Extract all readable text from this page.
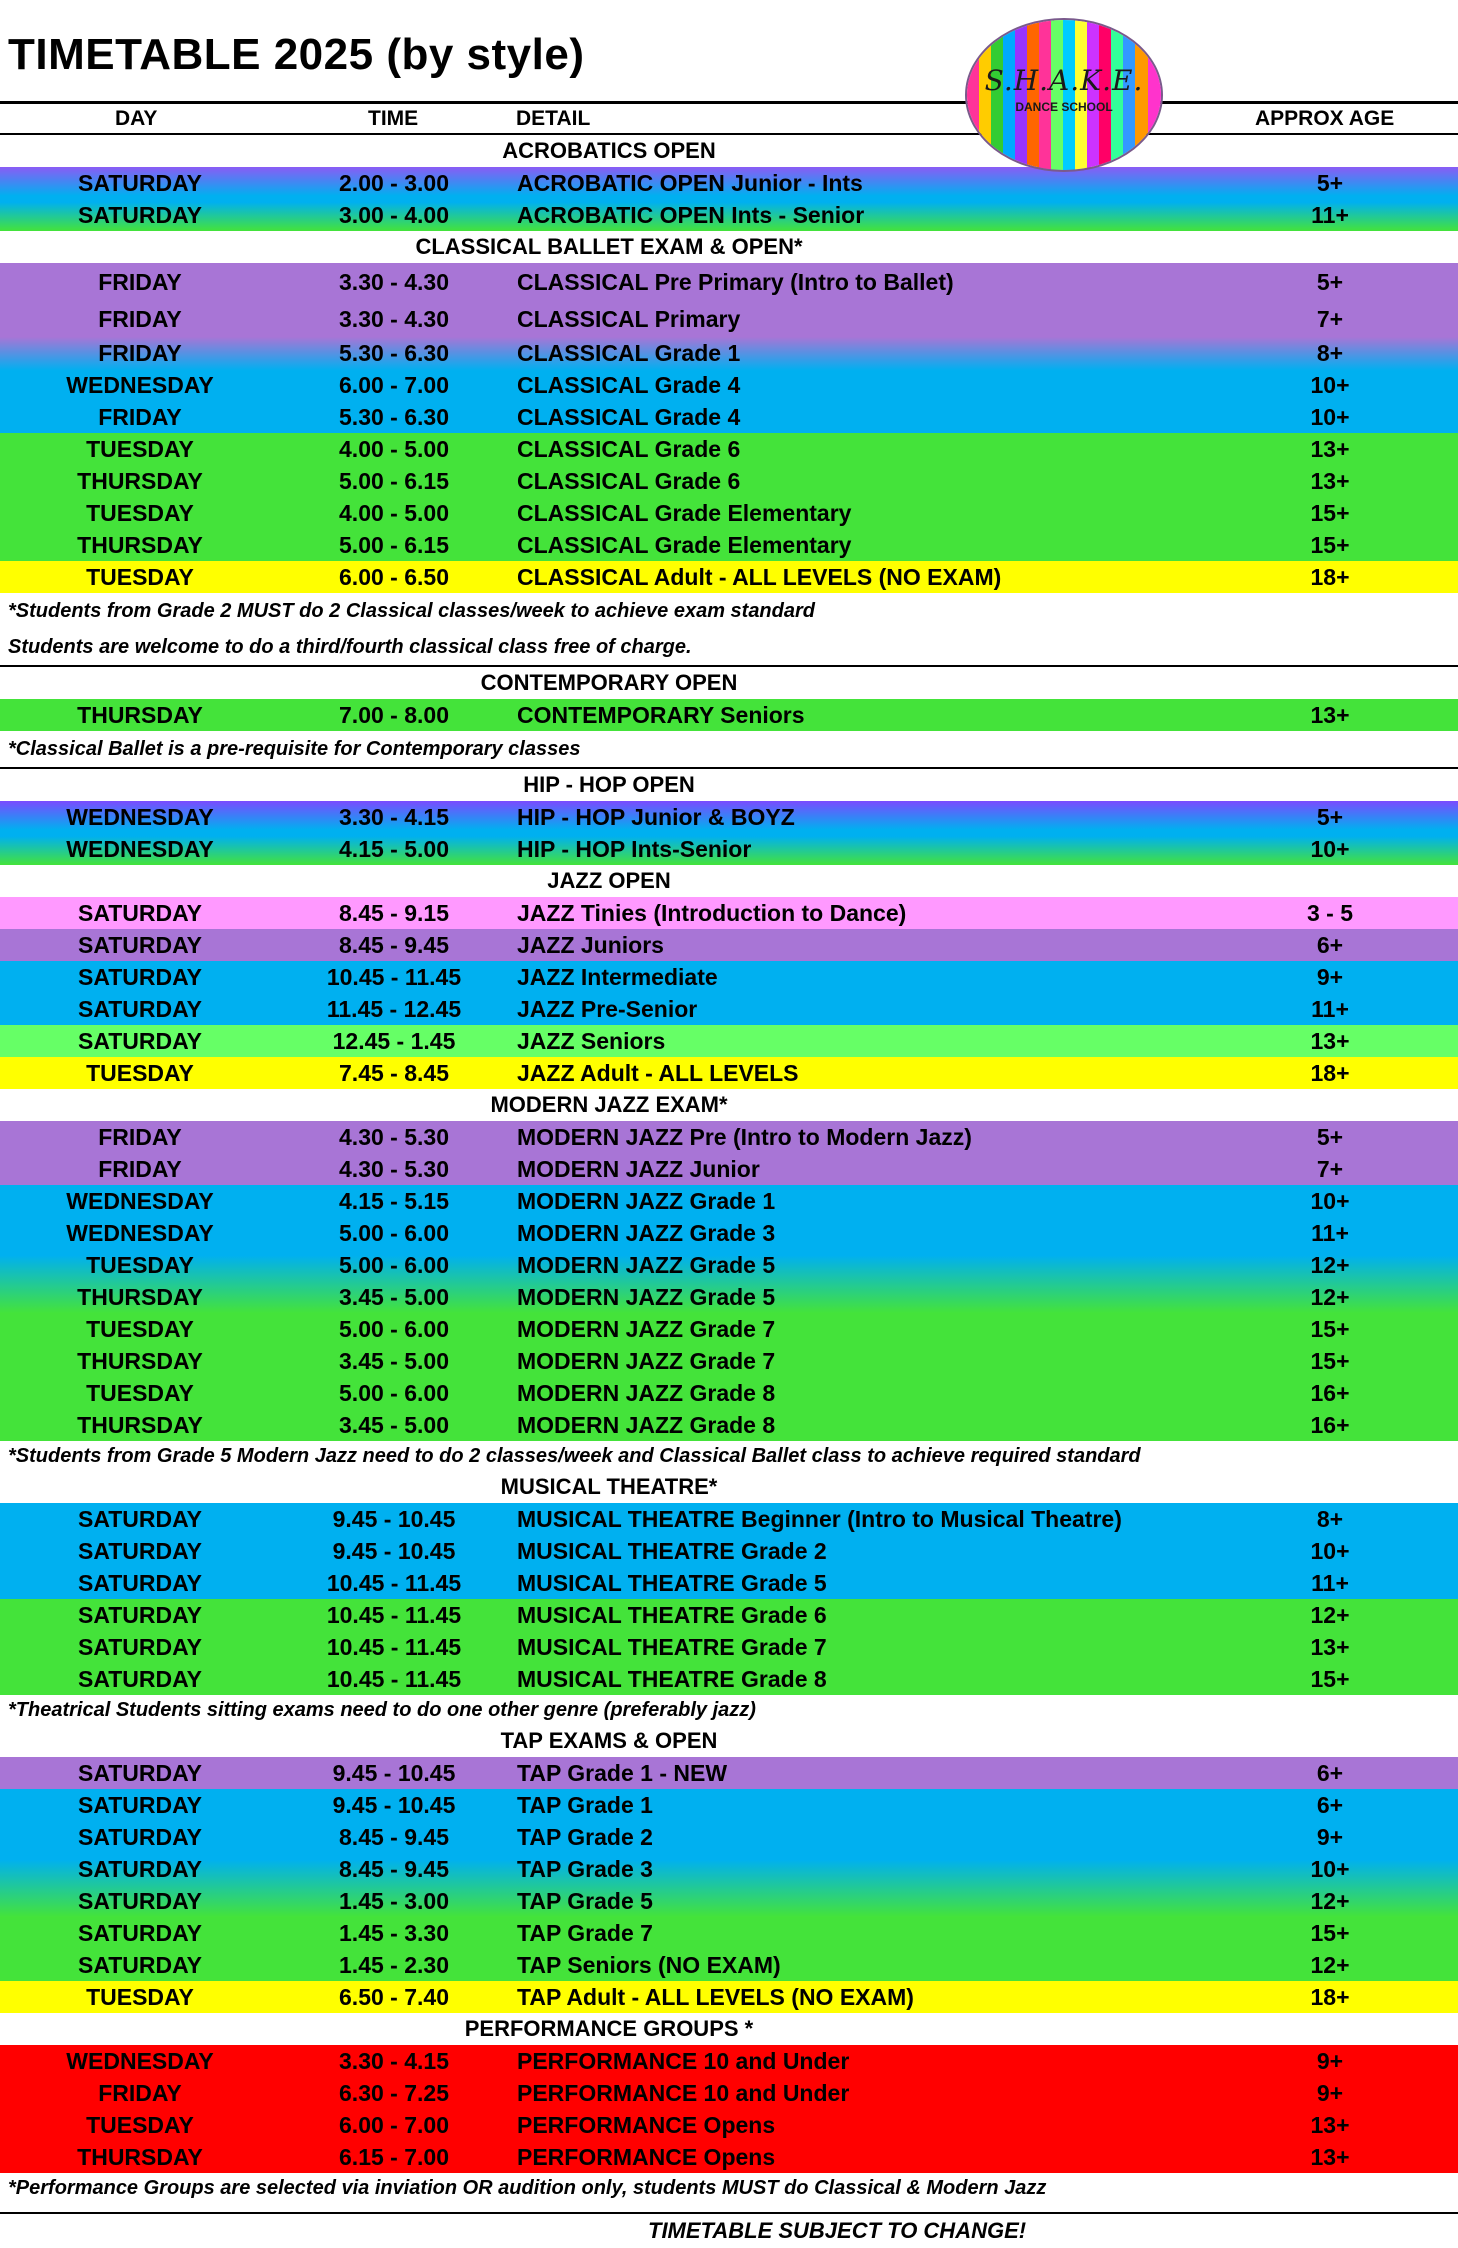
TIMETABLE 2025 (by style)
S.H.A.K.E.
DANCE SCHOOL
DAY	TIME	DETAIL	APPROX AGE
ACROBATICS OPEN
SATURDAY	2.00 - 3.00	ACROBATIC OPEN Junior - Ints	5+
SATURDAY	3.00 - 4.00	ACROBATIC OPEN Ints - Senior	11+
CLASSICAL BALLET EXAM & OPEN*
FRIDAY	3.30 - 4.30	CLASSICAL Pre Primary (Intro to Ballet)	5+
FRIDAY	3.30 - 4.30	CLASSICAL Primary	7+
FRIDAY	5.30 - 6.30	CLASSICAL Grade 1	8+
WEDNESDAY	6.00 - 7.00	CLASSICAL Grade 4	10+
FRIDAY	5.30 - 6.30	CLASSICAL Grade 4	10+
TUESDAY	4.00 - 5.00	CLASSICAL Grade 6	13+
THURSDAY	5.00 - 6.15	CLASSICAL Grade 6	13+
TUESDAY	4.00 - 5.00	CLASSICAL Grade Elementary	15+
THURSDAY	5.00 - 6.15	CLASSICAL Grade Elementary	15+
TUESDAY	6.00 - 6.50	CLASSICAL Adult - ALL LEVELS (NO EXAM)	18+
*Students from Grade 2 MUST do 2 Classical classes/week to achieve exam standard
Students are welcome to do a third/fourth classical class free of charge.
CONTEMPORARY OPEN
THURSDAY	7.00 - 8.00	CONTEMPORARY Seniors	13+
*Classical Ballet is a pre-requisite for Contemporary classes
HIP - HOP OPEN
WEDNESDAY	3.30 - 4.15	HIP - HOP Junior & BOYZ	5+
WEDNESDAY	4.15 - 5.00	HIP - HOP Ints-Senior	10+
JAZZ OPEN
SATURDAY	8.45 - 9.15	JAZZ Tinies (Introduction to Dance)	3 - 5
SATURDAY	8.45 - 9.45	JAZZ Juniors	6+
SATURDAY	10.45 - 11.45	JAZZ Intermediate	9+
SATURDAY	11.45 - 12.45	JAZZ Pre-Senior	11+
SATURDAY	12.45 - 1.45	JAZZ Seniors	13+
TUESDAY	7.45 - 8.45	JAZZ Adult - ALL LEVELS	18+
MODERN JAZZ EXAM*
FRIDAY	4.30 - 5.30	MODERN JAZZ Pre (Intro to Modern Jazz)	5+
FRIDAY	4.30 - 5.30	MODERN JAZZ Junior	7+
WEDNESDAY	4.15 - 5.15	MODERN JAZZ Grade 1	10+
WEDNESDAY	5.00 - 6.00	MODERN JAZZ Grade 3	11+
TUESDAY	5.00 - 6.00	MODERN JAZZ Grade 5	12+
THURSDAY	3.45 - 5.00	MODERN JAZZ Grade 5	12+
TUESDAY	5.00 - 6.00	MODERN JAZZ Grade 7	15+
THURSDAY	3.45 - 5.00	MODERN JAZZ Grade 7	15+
TUESDAY	5.00 - 6.00	MODERN JAZZ Grade 8	16+
THURSDAY	3.45 - 5.00	MODERN JAZZ Grade 8	16+
*Students from Grade 5 Modern Jazz need to do 2 classes/week and Classical Ballet class to achieve required standard
MUSICAL THEATRE*
SATURDAY	9.45 - 10.45	MUSICAL THEATRE Beginner (Intro to Musical Theatre)	8+
SATURDAY	9.45 - 10.45	MUSICAL THEATRE Grade 2	10+
SATURDAY	10.45 - 11.45	MUSICAL THEATRE Grade 5	11+
SATURDAY	10.45 - 11.45	MUSICAL THEATRE Grade 6	12+
SATURDAY	10.45 - 11.45	MUSICAL THEATRE Grade 7	13+
SATURDAY	10.45 - 11.45	MUSICAL THEATRE Grade 8	15+
*Theatrical Students sitting exams need to do one other genre (preferably jazz)
TAP EXAMS & OPEN
SATURDAY	9.45 - 10.45	TAP Grade 1 - NEW	6+
SATURDAY	9.45 - 10.45	TAP Grade 1	6+
SATURDAY	8.45 - 9.45	TAP Grade 2	9+
SATURDAY	8.45 - 9.45	TAP Grade 3	10+
SATURDAY	1.45 - 3.00	TAP Grade 5	12+
SATURDAY	1.45 - 3.30	TAP Grade 7	15+
SATURDAY	1.45 - 2.30	TAP Seniors (NO EXAM)	12+
TUESDAY	6.50 - 7.40	TAP Adult - ALL LEVELS (NO EXAM)	18+
PERFORMANCE GROUPS *
WEDNESDAY	3.30 - 4.15	PERFORMANCE 10 and Under	9+
FRIDAY	6.30 - 7.25	PERFORMANCE 10 and Under	9+
TUESDAY	6.00 - 7.00	PERFORMANCE Opens	13+
THURSDAY	6.15 - 7.00	PERFORMANCE Opens	13+
*Performance Groups are selected via inviation OR audition only, students MUST do Classical & Modern Jazz
TIMETABLE SUBJECT TO CHANGE!
